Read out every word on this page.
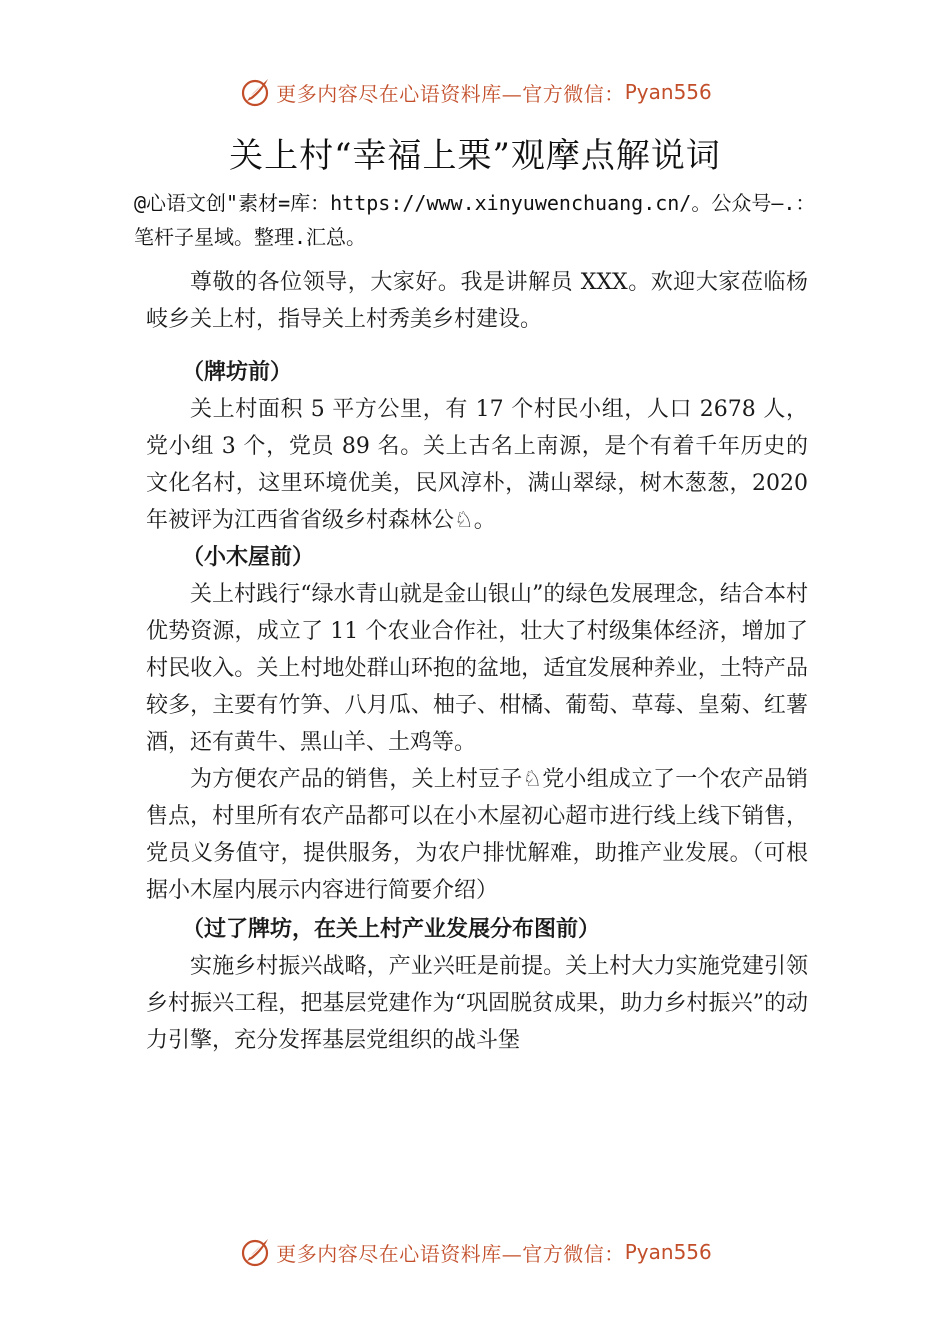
更多内容尽在心语资料库—官方微信： Pyan556
关上村“幸福上栗”观摩点解说词
@心语文创"素材=库：https://www.xinyuwenchuang.cn/。公众号—.：笔杆子星域。整理.汇总。

尊敬的各位领导，大家好。我是讲解员 XXX。欢迎大家莅临杨岐乡关上村，指导关上村秀美乡村建设。

（牌坊前）

关上村面积 5 平方公里，有 17 个村民小组，人口 2678 人，党小组 3 个，党员 89 名。关上古名上南源，是个有着千年历史的文化名村，这里环境优美，民风淳朴，满山翠绿，树木葱葱，2020 年被评为江西省省级乡村森林公♘。

（小木屋前）

关上村践行“绿水青山就是金山银山”的绿色发展理念，结合本村优势资源，成立了 11 个农业合作社，壮大了村级集体经济，增加了村民收入。关上村地处群山环抱的盆地，适宜发展种养业，土特产品较多，主要有竹笋、八月瓜、柚子、柑橘、葡萄、草莓、皇菊、红薯酒，还有黄牛、黑山羊、土鸡等。

为方便农产品的销售，关上村豆子♘党小组成立了一个农产品销售点，村里所有农产品都可以在小木屋初心超市进行线上线下销售，党员义务值守，提供服务，为农户排忧解难，助推产业发展。（可根据小木屋内展示内容进行简要介绍）

（过了牌坊，在关上村产业发展分布图前）

实施乡村振兴战略，产业兴旺是前提。关上村大力实施党建引领乡村振兴工程，把基层党建作为“巩固脱贫成果，助力乡村振兴”的动力引擎，充分发挥基层党组织的战斗堡

更多内容尽在心语资料库—官方微信： Pyan556
